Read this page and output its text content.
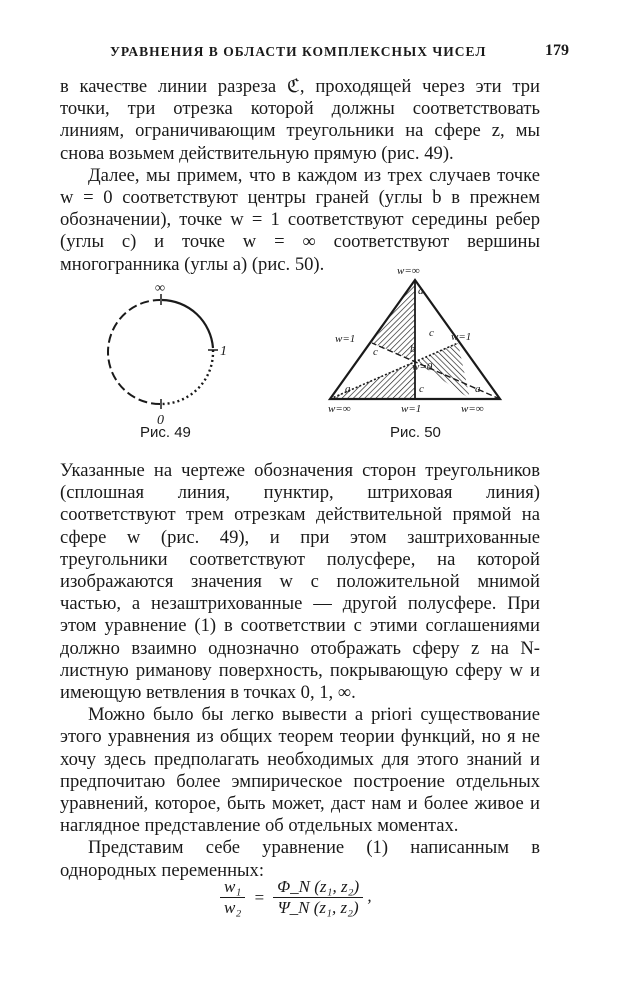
УРАВНЕНИЯ В ОБЛАСТИ КОМПЛЕКСНЫХ ЧИСЕЛ	179

в качестве линии разреза ℭ, проходящей через эти три точки, три отрезка которой должны соответствовать линиям, ограничивающим треугольники на сфере z, мы снова возьмем действительную прямую (рис. 49).

Далее, мы примем, что в каждом из трех случаев точке w = 0 соответствуют центры граней (углы b в прежнем обозначении), точке w = 1 соответствуют середины ребер (углы c) и точке w = ∞ соответствуют вершины многогранника (углы a) (рис. 50).

∞
1
0
Рис. 49
w=∞
w=1	w=1
w=0
w=∞	w=1	w=∞
a
c
c
b
a	c	a
Рис. 50

Указанные на чертеже обозначения сторон треугольников (сплошная линия, пунктир, штриховая линия) соответствуют трем отрезкам действительной прямой на сфере w (рис. 49), и при этом заштрихованные треугольники соответствуют полусфере, на которой изображаются значения w с положительной мнимой частью, а незаштрихованные — другой полусфере. При этом уравнение (1) в соответствии с этими соглашениями должно взаимно однозначно отображать сферу z на N-листную риманову поверхность, покрывающую сферу w и имеющую ветвления в точках 0, 1, ∞.

Можно было бы легко вывести a priori существование этого уравнения из общих теорем теории функций, но я не хочу здесь предполагать необходимых для этого знаний и предпочитаю более эмпирическое построение отдельных уравнений, которое, быть может, даст нам и более живое и наглядное представление об отдельных моментах.

Представим себе уравнение (1) написанным в однородных переменных:

$\frac{\text{w₁}}{\text{w₂}} = \frac{\text{Φ\_N (z₁, z₂)}}{\text{Ψ\_N (z₁, z₂)}}$ ,
